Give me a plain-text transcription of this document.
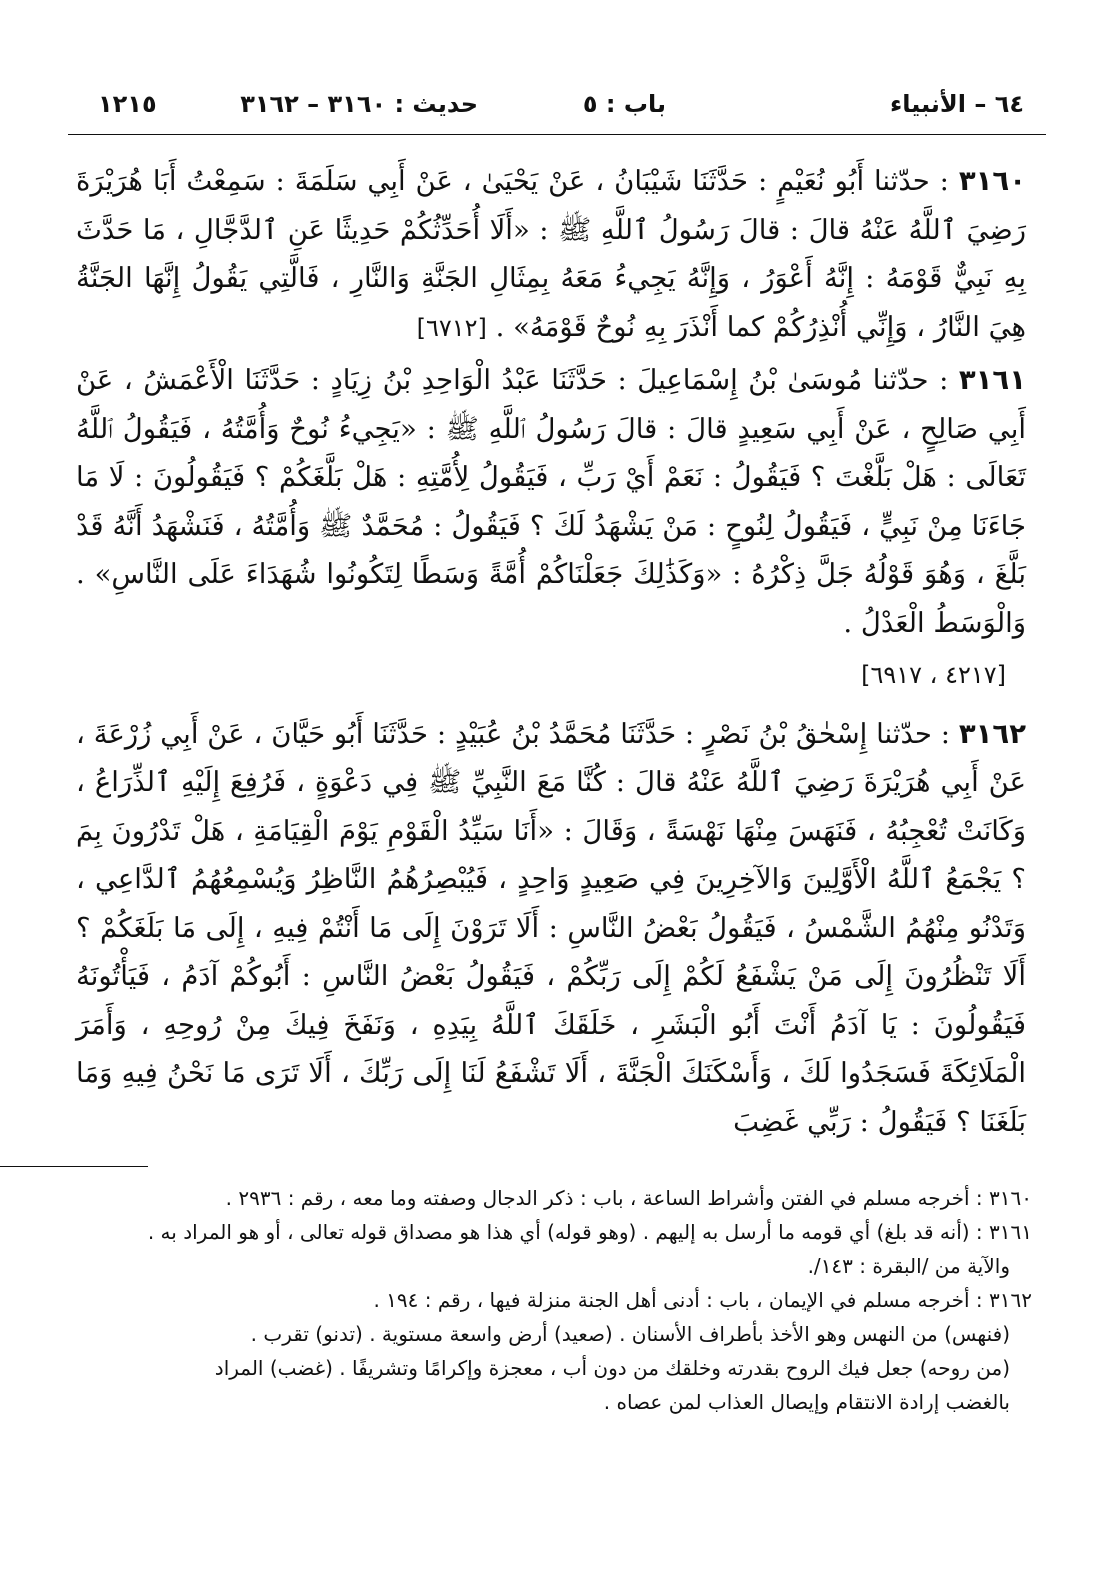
٦٤ – الأنبياء
باب : ٥
حديث : ٣١٦٠ – ٣١٦٢
١٢١٥

٣١٦٠ : حدّثنا أَبُو نُعَيْمٍ : حَدَّثَنَا شَيْبَانُ ، عَنْ يَحْيَىٰ ، عَنْ أَبِي سَلَمَةَ : سَمِعْتُ أَبَا هُرَيْرَةَ رَضِيَ ٱللَّهُ عَنْهُ قالَ : قالَ رَسُولُ ٱللَّهِ ﷺ : «أَلَا أُحَدِّثُكُمْ حَدِيثًا عَنِ ٱلدَّجَّالِ ، مَا حَدَّثَ بِهِ نَبِيٌّ قَوْمَهُ : إِنَّهُ أَعْوَرُ ، وَإِنَّهُ يَجِيءُ مَعَهُ بِمِثَالِ الجَنَّةِ وَالنَّارِ ، فَالَّتِي يَقُولُ إِنَّهَا الجَنَّةُ هِيَ النَّارُ ، وَإِنِّي أُنْذِرُكُمْ كما أَنْذَرَ بِهِ نُوحٌ قَوْمَهُ» . [٦٧١٢]

٣١٦١ : حدّثنا مُوسَىٰ بْنُ إِسْمَاعِيلَ : حَدَّثَنَا عَبْدُ الْوَاحِدِ بْنُ زِيَادٍ : حَدَّثَنَا الْأَعْمَشُ ، عَنْ أَبِي صَالِحٍ ، عَنْ أَبِي سَعِيدٍ قالَ : قالَ رَسُولُ ٱللَّهِ ﷺ : «يَجِيءُ نُوحٌ وَأُمَّتُهُ ، فَيَقُولُ ٱللَّهُ تَعَالَى : هَلْ بَلَّغْتَ ؟ فَيَقُولُ : نَعَمْ أَيْ رَبِّ ، فَيَقُولُ لِأُمَّتِهِ : هَلْ بَلَّغَكُمْ ؟ فَيَقُولُونَ : لَا مَا جَاءَنَا مِنْ نَبِيٍّ ، فَيَقُولُ لِنُوحٍ : مَنْ يَشْهَدُ لَكَ ؟ فَيَقُولُ : مُحَمَّدٌ ﷺ وَأُمَّتُهُ ، فَنَشْهَدُ أَنَّهُ قَدْ بَلَّغَ ، وَهُوَ قَوْلُهُ جَلَّ ذِكْرُهُ : «وَكَذَٰلِكَ جَعَلْنَاكُمْ أُمَّةً وَسَطًا لِتَكُونُوا شُهَدَاءَ عَلَى النَّاسِ» . وَالْوَسَطُ الْعَدْلُ .

[٤٢١٧ ، ٦٩١٧]

٣١٦٢ : حدّثنا إِسْحٰقُ بْنُ نَصْرٍ : حَدَّثَنَا مُحَمَّدُ بْنُ عُبَيْدٍ : حَدَّثَنَا أَبُو حَيَّانَ ، عَنْ أَبِي زُرْعَةَ ، عَنْ أَبِي هُرَيْرَةَ رَضِيَ ٱللَّهُ عَنْهُ قالَ : كُنَّا مَعَ النَّبِيِّ ﷺ فِي دَعْوَةٍ ، فَرُفِعَ إِلَيْهِ ٱلذِّرَاعُ ، وَكَانَتْ تُعْجِبُهُ ، فَنَهَسَ مِنْهَا نَهْسَةً ، وَقَالَ : «أَنَا سَيِّدُ الْقَوْمِ يَوْمَ الْقِيَامَةِ ، هَلْ تَدْرُونَ بِمَ ؟ يَجْمَعُ ٱللَّهُ الْأَوَّلِينَ وَالآخِرِينَ فِي صَعِيدٍ وَاحِدٍ ، فَيُبْصِرُهُمُ النَّاظِرُ وَيُسْمِعُهُمُ ٱلدَّاعِي ، وَتَدْنُو مِنْهُمُ الشَّمْسُ ، فَيَقُولُ بَعْضُ النَّاسِ : أَلَا تَرَوْنَ إِلَى مَا أَنْتُمْ فِيهِ ، إِلَى مَا بَلَغَكُمْ ؟ أَلَا تَنْظُرُونَ إِلَى مَنْ يَشْفَعُ لَكُمْ إِلَى رَبِّكُمْ ، فَيَقُولُ بَعْضُ النَّاسِ : أَبُوكُمْ آدَمُ ، فَيَأْتُونَهُ فَيَقُولُونَ : يَا آدَمُ أَنْتَ أَبُو الْبَشَرِ ، خَلَقَكَ ٱللَّهُ بِيَدِهِ ، وَنَفَخَ فِيكَ مِنْ رُوحِهِ ، وَأَمَرَ الْمَلَائِكَةَ فَسَجَدُوا لَكَ ، وَأَسْكَنَكَ الْجَنَّةَ ، أَلَا تَشْفَعُ لَنَا إِلَى رَبِّكَ ، أَلَا تَرَى مَا نَحْنُ فِيهِ وَمَا بَلَغَنَا ؟ فَيَقُولُ : رَبِّي غَضِبَ

٣١٦٠ : أخرجه مسلم في الفتن وأشراط الساعة ، باب : ذكر الدجال وصفته وما معه ، رقم : ٢٩٣٦ .

٣١٦١ : (أنه قد بلغ) أي قومه ما أرسل به إليهم . (وهو قوله) أي هذا هو مصداق قوله تعالى ، أو هو المراد به .

والآية من /البقرة : ١٤٣/.

٣١٦٢ : أخرجه مسلم في الإيمان ، باب : أدنى أهل الجنة منزلة فيها ، رقم : ١٩٤ .

(فنهس) من النهس وهو الأخذ بأطراف الأسنان . (صعيد) أرض واسعة مستوية . (تدنو) تقرب .

(من روحه) جعل فيك الروح بقدرته وخلقك من دون أب ، معجزة وإكرامًا وتشريفًا . (غضب) المراد

بالغضب إرادة الانتقام وإيصال العذاب لمن عصاه .
